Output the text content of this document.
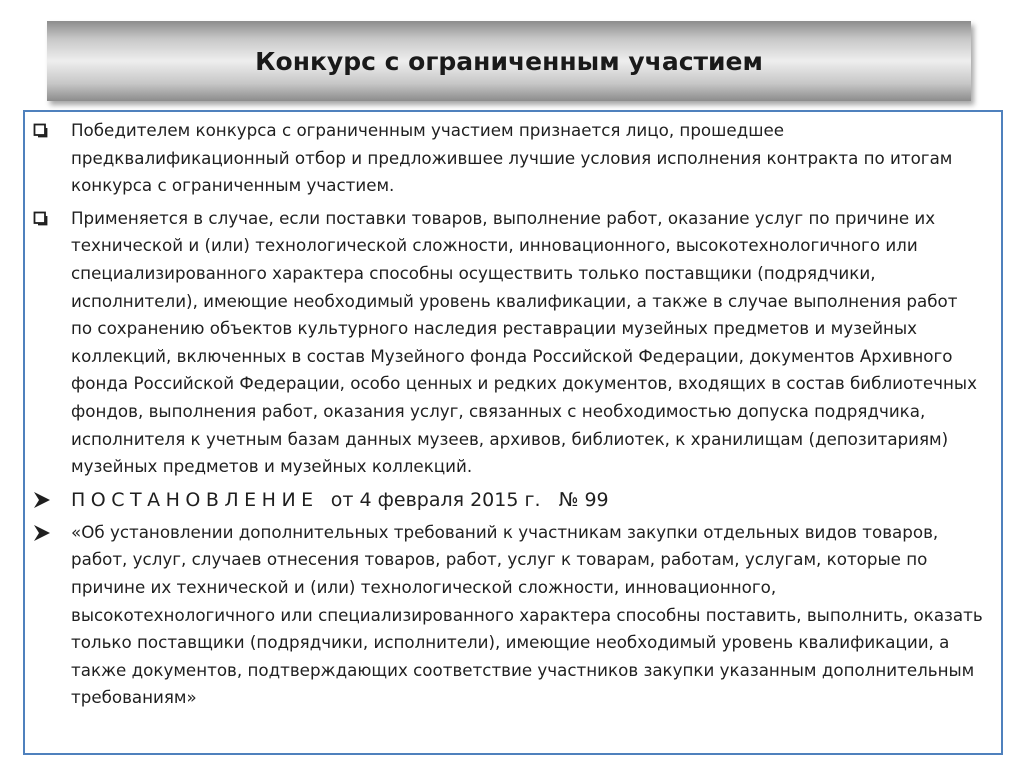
Конкурс с ограниченным участием
Победителем конкурса с ограниченным участием признается лицо, прошедшее предквалификационный отбор и предложившее лучшие условия исполнения контракта по итогам конкурса с ограниченным участием.
Применяется в случае, если поставки товаров, выполнение работ, оказание услуг по причине их технической и (или) технологической сложности, инновационного, высокотехнологичного или специализированного характера способны осуществить только поставщики (подрядчики, исполнители), имеющие необходимый уровень квалификации, а также в случае выполнения работ по сохранению объектов культурного наследия реставрации музейных предметов и музейных коллекций, включенных в состав Музейного фонда Российской Федерации, документов Архивного фонда Российской Федерации, особо ценных и редких документов, входящих в состав библиотечных фондов, выполнения работ, оказания услуг, связанных с необходимостью допуска подрядчика, исполнителя к учетным базам данных музеев, архивов, библиотек, к хранилищам (депозитариям) музейных предметов и музейных коллекций.
ПОСТАНОВЛЕНИЕ от 4 февраля 2015 г. № 99
«Об установлении дополнительных требований к участникам закупки отдельных видов товаров, работ, услуг, случаев отнесения товаров, работ, услуг к товарам, работам, услугам, которые по причине их технической и (или) технологической сложности, инновационного, высокотехнологичного или специализированного характера способны поставить, выполнить, оказать только поставщики (подрядчики, исполнители), имеющие необходимый уровень квалификации, а также документов, подтверждающих соответствие участников закупки указанным дополнительным требованиям»
